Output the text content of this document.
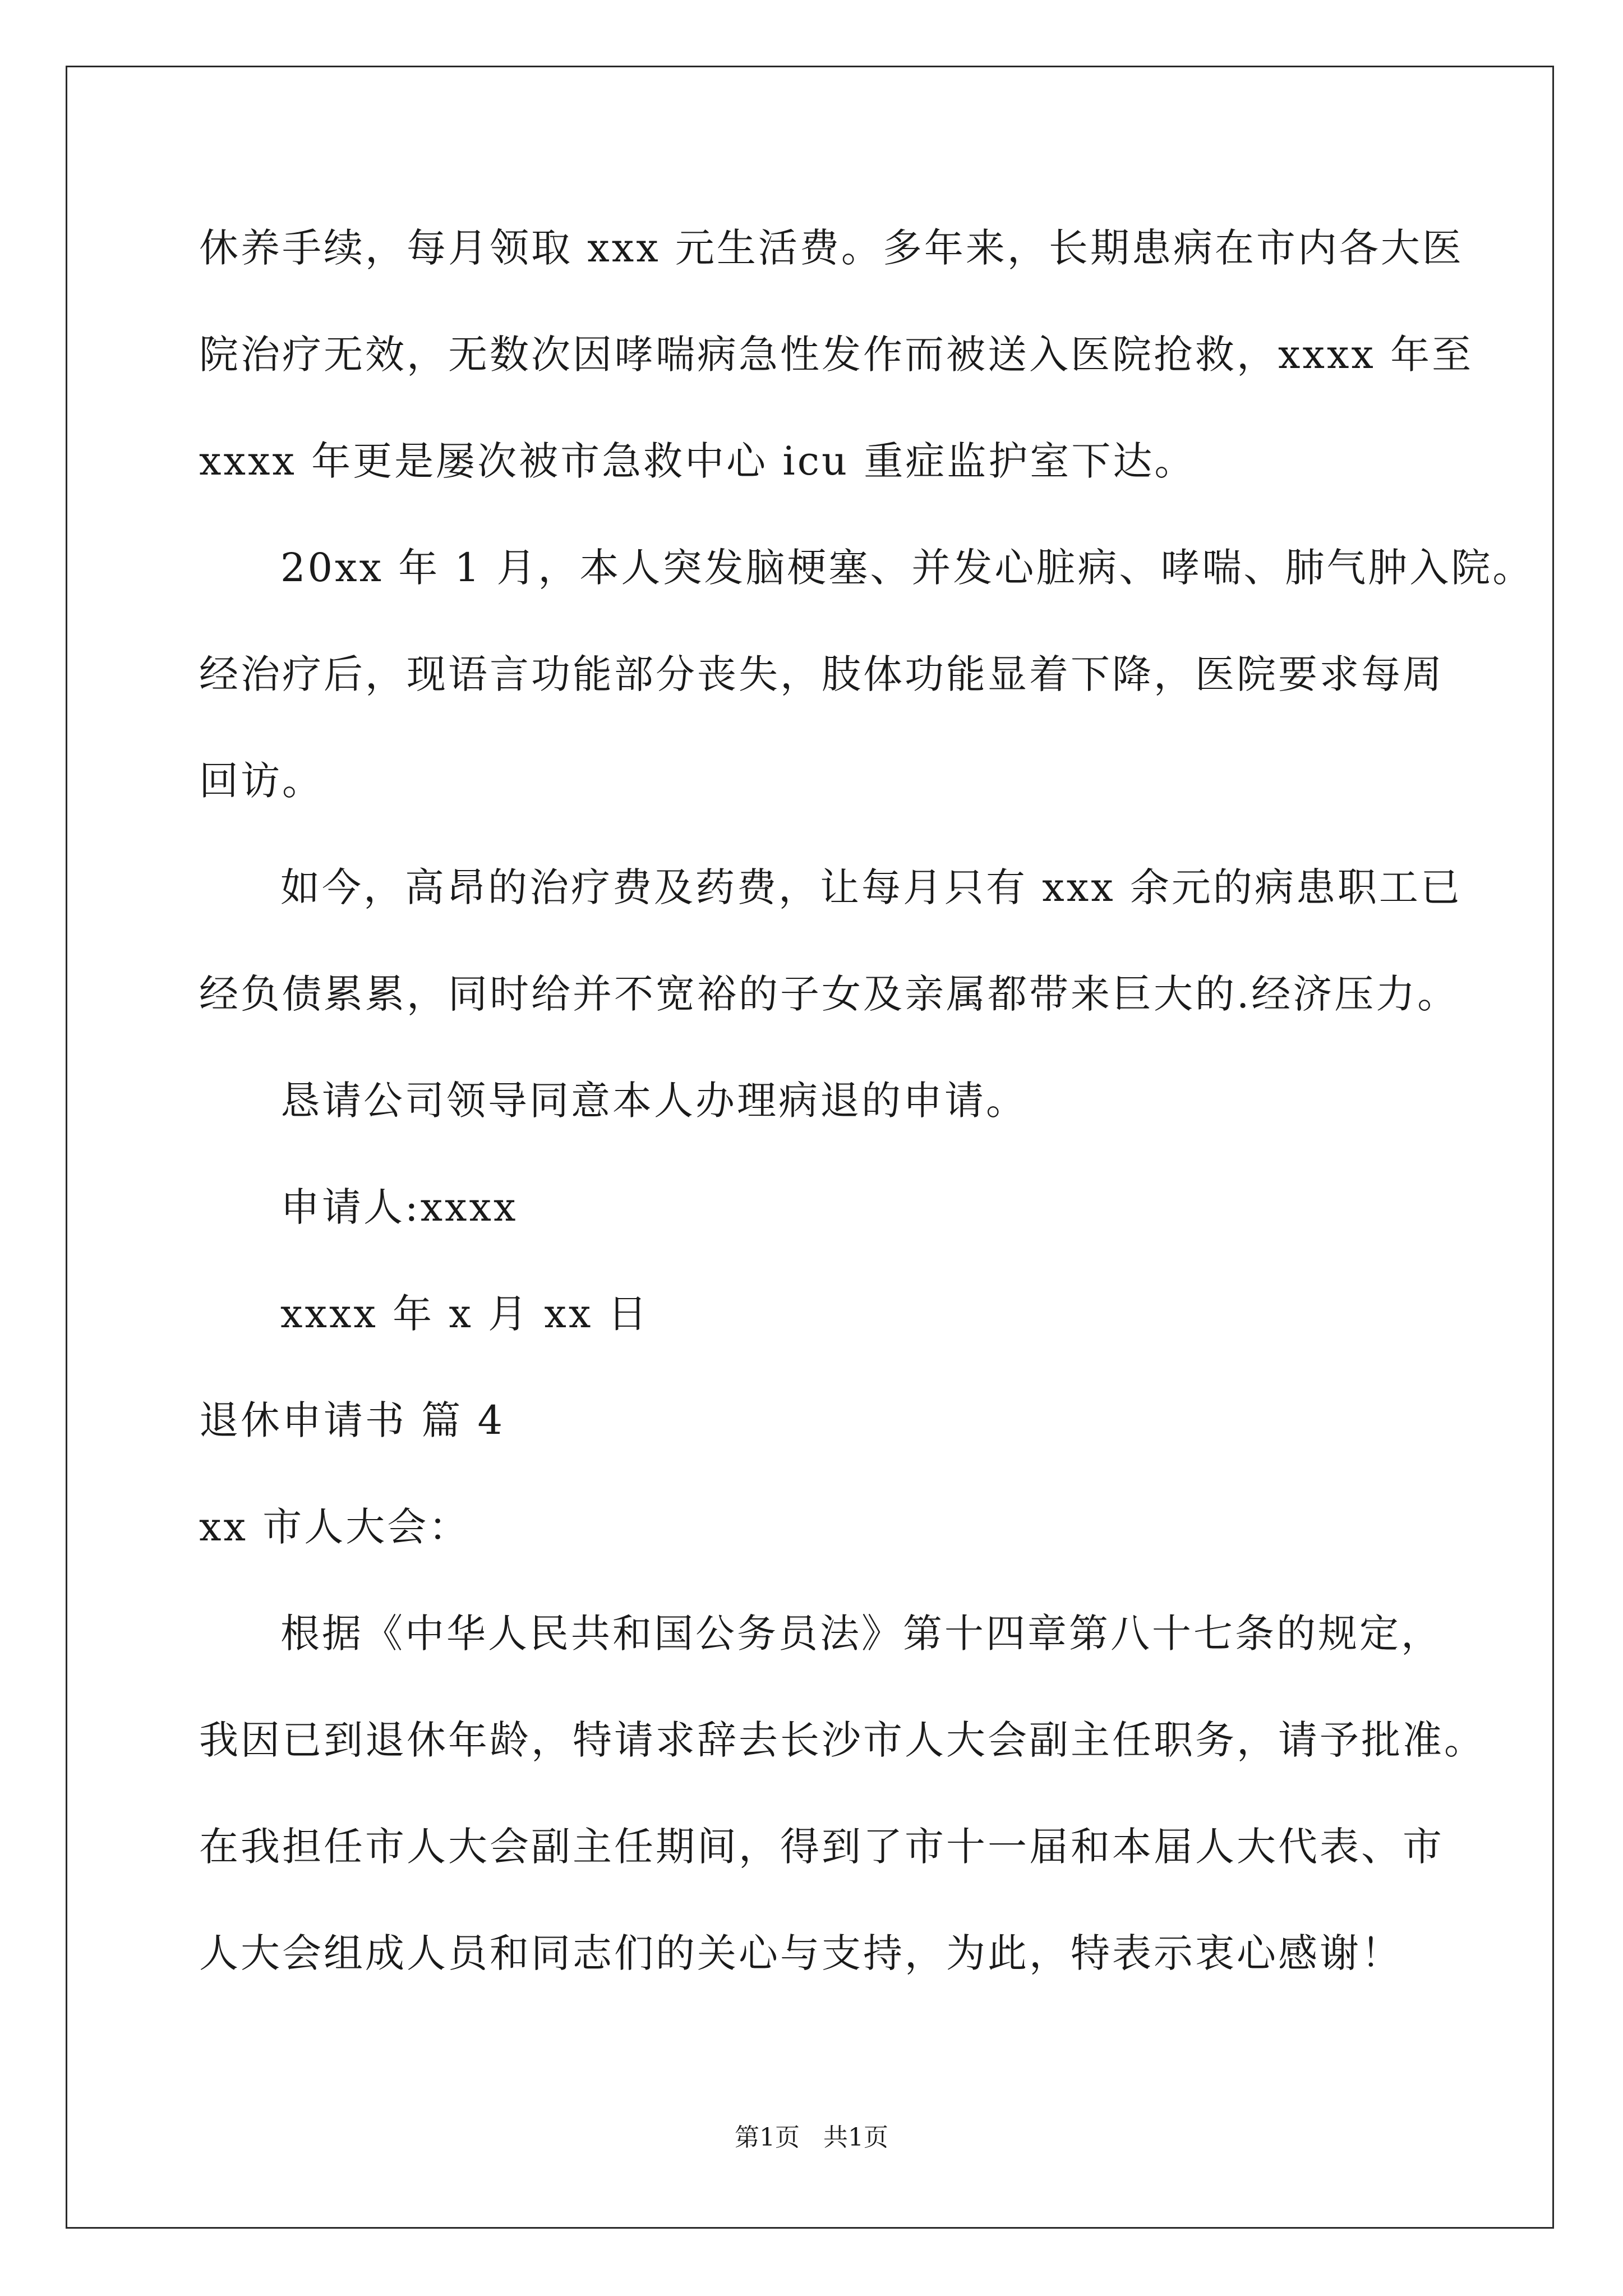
休养手续，每月领取 xxx 元生活费。多年来，长期患病在市内各大医
院治疗无效，无数次因哮喘病急性发作而被送入医院抢救，xxxx 年至
xxxx 年更是屡次被市急救中心 icu 重症监护室下达。
20xx 年 1 月，本人突发脑梗塞、并发心脏病、哮喘、肺气肿入院。
经治疗后，现语言功能部分丧失，肢体功能显着下降，医院要求每周
回访。
如今，高昂的治疗费及药费，让每月只有 xxx 余元的病患职工已
经负债累累，同时给并不宽裕的子女及亲属都带来巨大的.经济压力。
恳请公司领导同意本人办理病退的申请。
申请人:xxxx
xxxx 年 x 月 xx 日
退休申请书 篇 4
xx 市人大会：
根据《中华人民共和国公务员法》第十四章第八十七条的规定，
我因已到退休年龄，特请求辞去长沙市人大会副主任职务，请予批准。
在我担任市人大会副主任期间，得到了市十一届和本届人大代表、市
人大会组成人员和同志们的关心与支持，为此，特表示衷心感谢！
第1页   共1页
